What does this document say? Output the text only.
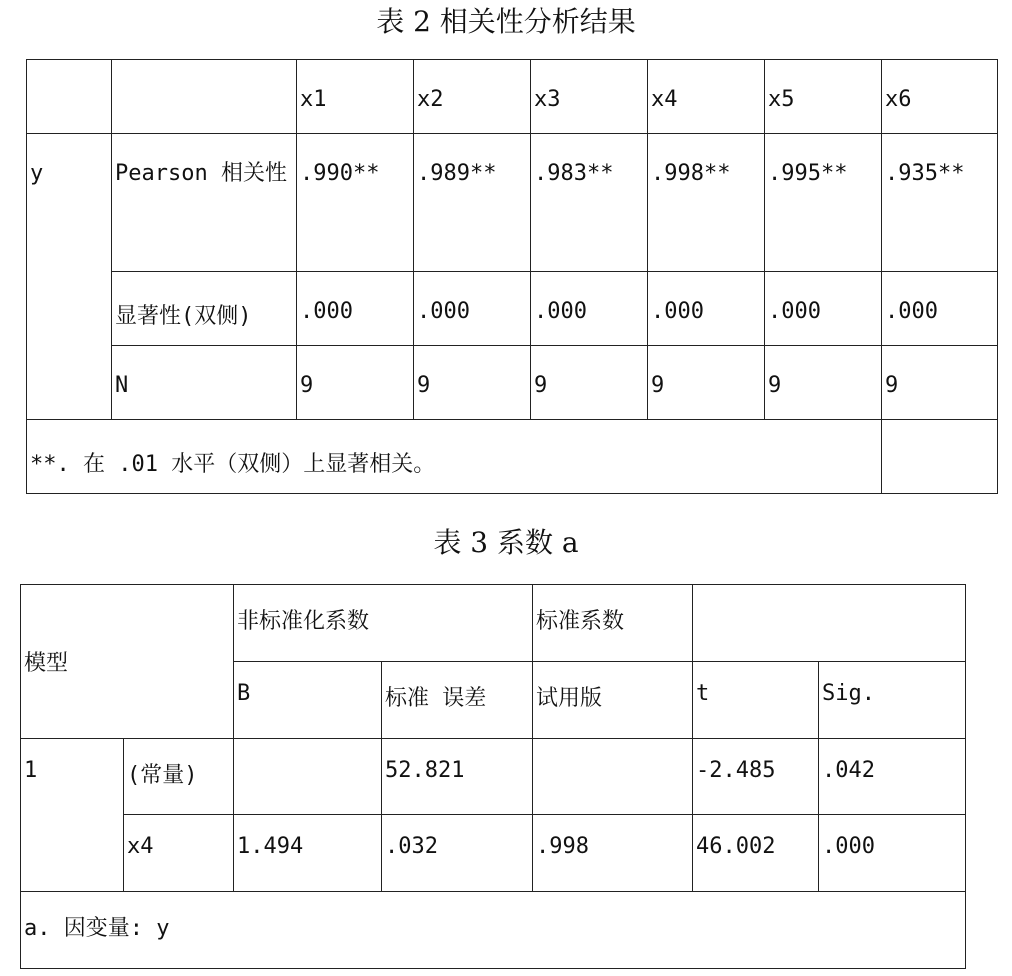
表 2 相关性分析结果
		x1	x2	x3	x4	x5	x6
y	Pearson 相关性	.990**	.989**	.983**	.998**	.995**	.935**
	显著性(双侧)	.000	.000	.000	.000	.000	.000
	N	9	9	9	9	9	9
**. 在 .01 水平（双侧）上显著相关。							
表 3 系数 a
模型		非标准化系数		标准系数		
		B	标准 误差	试用版	t	Sig.
1	(常量)		52.821		-2.485	.042
	x4	1.494	.032	.998	46.002	.000
a. 因变量: y						
